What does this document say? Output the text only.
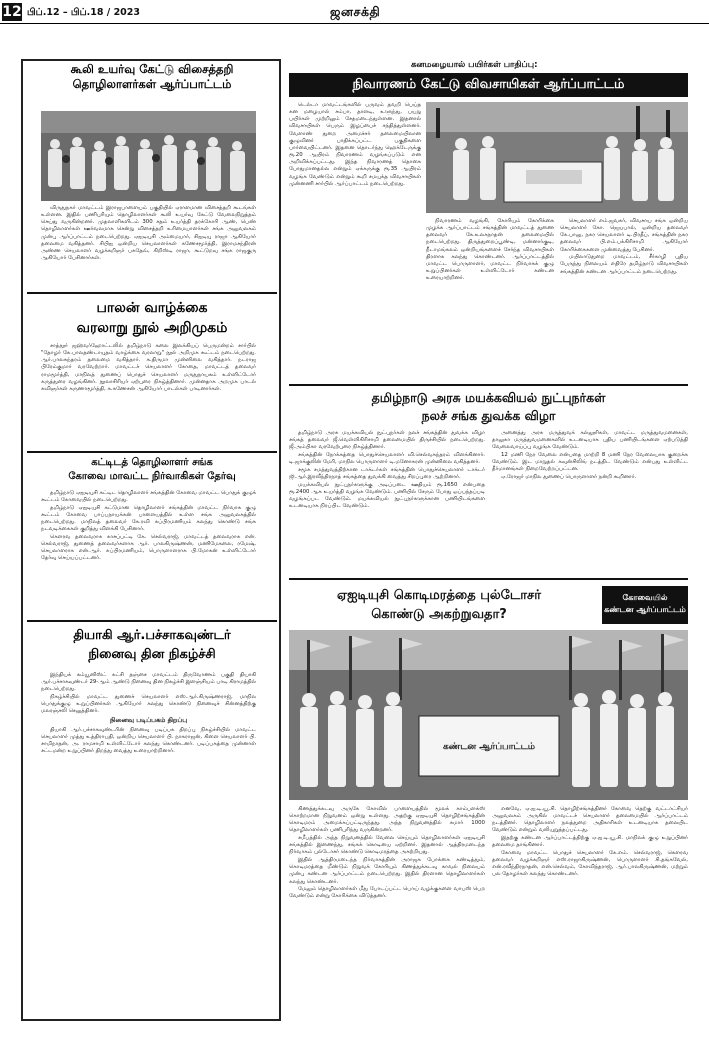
12 பிப்.12 – பிப்.18 / 2023	ஜனசக்தி
கூலி உயர்வு கேட்டு விசைத்தறி
தொழிலாளர்கள் ஆர்ப்பாட்டம்

விருதுநகர் மாவட்டம் இராஜபாளையம் பகுதியில் ஏராளமான விசைத்தறி கூடங்கள் உள்ளன. இதில் பணிபுரியும் தொழிலாளர்கள் கூலி உயர்வு கேட்டு வேலைநிறுத்தம் செய்து வருகின்றனர். முதலாளிகளிடம் 300 சதம் உயர்த்தி தரக்கோரி ஆண், பெண் தொழிலாளர்கள் ஊர்வலமாக சென்று விசைத்தறி உரிமையாளர்கள் சங்க அலுவலகம் முன்பு ஆர்ப்பாட்டம் நடைபெற்றது. ஏஐடியுசி அம்மையார், சிஐடியு ராஜா ஆகியோர் தலைமை வகித்தனர். சிபிஐ ஒன்றிய செயலாளர்கள் கணேசமூர்த்தி, இராமசந்திரன் அண்ண செயலாளர் வழக்கறிஞர் பசுதேவ், கிறிஸ்டி ராஜா, கூட்டுறவு சங்க ராஜகுரு ஆகியோர் பேசினார்கள்.

பாலன் வாழ்க்கை
வரலாறு நூல் அறிமுகம்

சாத்தூர் ஜஹ்வர்ஹோட்டலில் தமிழ்நாடு கலை இலக்கியப் பெருமன்றம் சார்பில் "தோழர் கே.பாலதண்டாயுதம் வாழ்க்கை வரலாறு" நூல் அறிமுக கூட்டம் நடைபெற்றது. ஆர்.பாலசுந்தரம் தலைமை வகித்தார். க.திருமா முன்னிலை வகித்தார். நடராஜ பிரேம்குமார் வரவேற்றார். மாவட்டச் செயலாளர் கோதை, மாவட்டத் தலைவர் ராமமூர்த்தி, மாநிலத் துணைப் பொதுச் செயலாளர் மருதுநாயகம் உள்ளிட்டோர் கருத்துரை வழங்கினர். நூலாசிரியர் ஏற்புரை நிகழ்த்தினார். முன்னதாக அறமுக பாடல் கவிஞர்கள் கருணாமூர்த்தி, க.கணேசன் ஆகியோர் பாடல்கள் பாடினார்கள்.

கட்டிடத் தொழிலாளர் சங்க
கோவை மாவட்ட நிர்வாகிகள் தேர்வு

தமிழ்நாடு ஏஐடியுசி கட்டிட தொழிலாளர் சங்கத்தின் கோவை மாவட்ட பொதுக் குழுக் கூட்டம் கோவையில் நடைபெற்றது.

தமிழ்நாடு ஏஐடியுசி கட்டுமான தொழிலாளர் சங்கத்தின் மாவட்ட நிர்வாக குழு கூட்டம் கோவை பாப்பநாயக்கன் பாளையத்தில் உள்ள சங்க அலுவலகத்தில் நடைபெற்றது. மாநிலத் தலைவர் கே.ரவி சுப்பிரமணியம் கலந்து கொண்டு சங்க நடவடிக்கைகள் குறித்து விளக்கி பேசினார்.

கௌரவ தலைவராக காசப்பட்டி கே. செல்வராஜ், மாவட்டத் தலைவராக என். செல்வராஜ், துணைத் தலைவர்களாக ஆர். பாலகிருஷ்ணன், மணிமேகலை, ரமேஷ், செயலாளராக என்.ஆர். சுப்பிரமணியம், பொருளாளராக பி.மோகன் உள்ளிட்டோர் தேர்வு செய்யப்பட்டனர்.

தியாகி ஆர்.பச்சாகவுண்டர்
நினைவு தின நிகழ்ச்சி

இந்தியக் கம்யூனிஸ்ட் கட்சி தஞ்சை மாவட்டம் திருவோணம் பகுதி தியாகி ஆர்.பச்சாகவுண்டர் 29-ஆம் ஆண்டு நினைவு தின நிகழ்ச்சி இளஞ்சியம் பாடி கிராமத்தில் நடைபெற்றது.

நிகழ்ச்சியில் மாவட்ட துணைச் செயலாளர் எஸ்.ஆர்.கிருஷ்ணராஜ், மாநில பொதுக்குழு உறுப்பினர்கள் ஆகியோர் கலந்து கொண்டு நினைவுச் சின்னத்திற்கு மலரஞ்சலி செலுத்தினர்.

நினைவு படிப்பகம் திறப்பு

தியாகி ஆர்.பச்சாகவுண்டரின் நினைவு படிப்பக திறப்பு நிகழ்ச்சியில் மாவட்ட செயலாளர் முத்து உத்திராபதி, ஒன்றிய செயலாளர் பி. நாகராஜன், கிளை செயலாளர் பி. சாமிநாதன், அ. ராமசாமி உள்ளிட்டோர் கலந்து கொண்டனர். படிப்பகத்தை முன்னாள் சட்டமன்ற உறுப்பினர் திறந்து வைத்து உரையாற்றினார்.

கனமழையால் பயிர்கள் பாதிப்பு:
நிவாரணம் கேட்டு விவசாயிகள் ஆர்ப்பாட்டம்

டெல்டா மாவட்டங்களில் பருவம் தவறி பெய்த கன மழையால் சம்பா, தாளடி, உளுந்து, பயறு பயிர்கள் முற்றிலும் சேதமடைந்துள்ளன. இதனால் விவசாயிகள் பெரும் இழப்பைச் சந்தித்துள்ளனர். வேளாண் துறை அமைச்சர் தலைமையிலான குழுவினர் பாதிக்கப்பட்ட பகுதிகளை பார்வையிட்டனர். இதனை தொடர்ந்து ஹெக்டேருக்கு ரூ.20 ஆயிரம் நிவாரணம் வழங்கப்படும் என அறிவிக்கப்பட்டது. இந்த நிவாரணத் தொகை போதுமானதல்ல என்றும் ஏக்கருக்கு ரூ.35 ஆயிரம் வழங்க வேண்டும் என்றும் கூறி சமயுக்த விவசாயிகள் முன்னணி சார்பில் ஆர்ப்பாட்டம் நடைபெற்றது.

நிவாரணம் வழங்கி, கோரியும் கோரிக்கை முழக்க ஆர்ப்பாட்டம் சங்கத்தின் மாவட்டத் துணை தலைவர் கே.உலகநாதன் தலைமையில் நடைபெற்றது. திருத்துறைப்பூண்டி, மன்னார்குடி, நீடாமங்கலம் ஒன்றியங்களைச் சேர்ந்த விவசாயிகள் திரளாக கலந்து கொண்டனர். ஆர்ப்பாட்டத்தில் மாவட்ட பொருளாளர், மாவட்ட நிர்வாகக் குழு உறுப்பினர்கள் உள்ளிட்டோர் கண்டன உரையாற்றினர்.

செயலாளர் எம்.ஜவகர், விவசாய சங்க ஒன்றிய செயலாளர் கோ. ஜெயபால், ஒன்றிய தலைவர் கே.பாலு, நகர செயலாளர் டி.பிரதீப், சங்கத்தின் நகர தலைவர் பி.எம்.பக்கிரிசாமி ஆகியோர் கோரிக்கைகளை முன்வைத்து பேசினர்.

மயிலாடுதுறை மாவட்டம், சீர்காழி புதிய பேருந்து நிலையம் எதிரே தமிழ்நாடு விவசாயிகள் சங்கத்தின் கண்டன ஆர்ப்பாட்டம் நடைபெற்றது.

தமிழ்நாடு அரசு மயக்கவியல் நுட்புநர்கள்
நலச் சங்க துவக்க விழா

தமிழ்நாடு அரசு மயக்கவியல் நுட்புநர்கள் நலச் சங்கத்தின் துவக்க விழா சங்கத் தலைவர் ஜீ.வெள்ளிகிரிசாமி தலைமையில் திருச்சியில் நடைபெற்றது. ஜீ.அம்பிகா வரவேற்புரை நிகழ்த்தினார்.

சங்கத்தின் நோக்கத்தை பொதுச்செயலாளர் வி.செல்வசுந்தரம் விளக்கினார். டி.ஜாக்குலின் மேரி, மாநில பொருளாளர் டி.மனோகரன் முன்னிலை வகித்தனர்.

சமூக சமத்துவத்திற்கான டாக்டர்கள் சங்கத்தின் பொதுச்செயலாளர் டாக்டர் ஜி.ஆர்.இரவீந்திரநாத் சங்கத்தை துவக்கி வைத்து சிறப்புரை ஆற்றினார்.

மயக்கவியல் நுட்புநர்களுக்கு அடிப்படை ஊதியம் ரூ.1650 என்பதை ரூ.2400 ஆக உயர்த்தி வழங்க வேண்டும். பணியில் சேரும் போது ஒப்பந்தப்படி வழங்கப்பட வேண்டும். மயக்கவியல் நுட்புநர்களுக்கான பணியிடங்களை உடனடியாக நிரப்பிட வேண்டும்.

அனைத்து அரசு மருத்துவக் கல்லூரிகள், மாவட்ட மருத்துவமனைகள், தாலுகா மருத்துவமனைகளில் உடனடியாக புதிய பணியிடங்களை ஏற்படுத்தி வேலைவாய்ப்பு வழங்க வேண்டும்.

12 மணி நேர வேலை என்பதை மாற்றி 8 மணி நேர வேலையாக குறைக்க வேண்டும். இட மாறுதல் கவுன்சிலிங் நடத்திட வேண்டும் என்பது உள்ளிட்ட தீர்மானங்கள் நிறைவேற்றப்பட்டன.

ஏ.ரோஜர் மாநில துணைப் பொருளாளர் நன்றி கூறினார்.

ஏஐடியுசி கொடிமரத்தை புல்டோசர்
கொண்டு அகற்றுவதா?
கோவையில்
கண்டன ஆர்ப்பாட்டம்
கண்டன ஆர்ப்பாட்டம்

கிணத்துக்கடவு அருகே கோவில் பாளையத்தில் மூலக் காம்பளக்ஸ் கொற்றமான நிறுவனம் ஒன்று உள்ளது. அதற்கு ஏஐடியுசி தொழிற்சங்கத்தின் கொடிமரம் அமைக்கப்பட்டிருந்தது. அந்த நிறுவனத்தில் சுமார் 1000 தொழிலாளர்கள் பணிபுரிந்து வருகின்றனர்.

சமீபத்தில் அந்த நிறுவனத்தில் வேலை செய்யும் தொழிலாளர்கள் ஏஐடியுசி சங்கத்தில் இணைந்து, சங்கக் கொடியை ஏற்றினர். இதனால் ஆத்திரமடைந்த நிர்வாகம் புல்டோசர் கொண்டு கொடிமரத்தை அகற்றியது.

இதில் ஆத்திரமடைந்த நிர்வாகத்தின் அராஜக போக்கை கண்டித்தும், கொடிமரத்தை மீண்டும் நிறுவக் கோரியும் கிணத்துக்கடவு காவல் நிலையம் முன்பு கண்டன ஆர்ப்பாட்டம் நடைபெற்றது. இதில் திரளான தொழிலாளர்கள் கலந்து கொண்டனர்.

மேலும் தொழிலாளர்கள் மீது போடப்பட்ட பொய் வழக்குகளை வாபஸ் பெற வேண்டும் என்று கோரிக்கை விடுத்தனர்.

எனவே, ஏ.ஐ.டி.யூ.சி. தொழிற்சங்கத்தினர் கோவை தெற்கு வட்டாட்சியர் அலுவலகம் அருகில் மாவட்டச் செயலாளர் தலைமையில் ஆர்ப்பாட்டம் நடத்தினர். தொழிலாளர் நலத்துறை அதிகாரிகள் உடனடியாக தலையிட வேண்டும் என்றும் வலியுறுத்தப்பட்டது.

இதற்கு கண்டன ஆர்ப்பாட்டத்திற்கு ஏ.ஐ.டி.யூ.சி. மாநிலக் குழு உறுப்பினர் தலைமை தாங்கினார்.

கோவை மாவட்ட பொதுச் செயலாளர் கே.எம். செல்வராஜ், கௌரவ தலைவர் வழக்கறிஞர் எஸ்.ராஜாகிருஷ்ணன், பொருளாளர் சி.தங்கவேல், என்.ரவீந்திரநாதன், என்.செல்வம், கோவிந்தராஜ், ஆர்.பாலகிருஷ்ணன், மற்றும் பல தோழர்கள் கலந்து கொண்டனர்.
